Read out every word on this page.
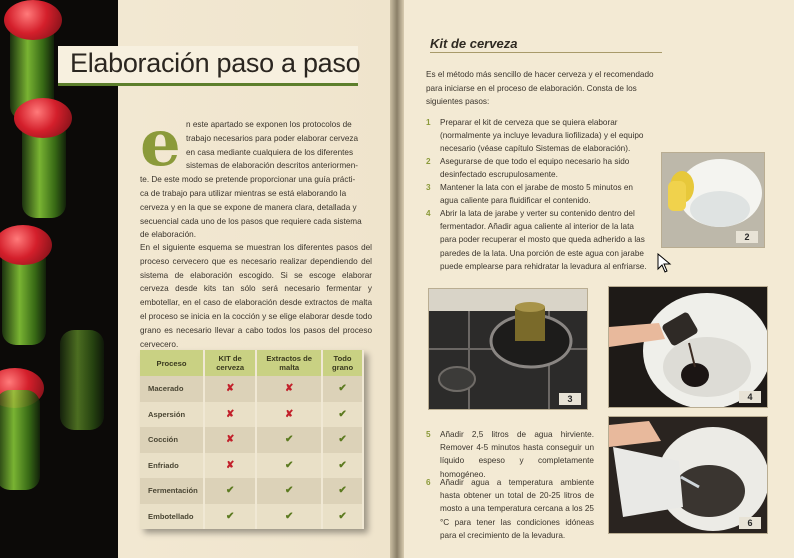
Elaboración paso a paso
e n este apartado se exponen los protocolos de
trabajo necesarios para poder elaborar cerveza
en casa mediante cualquiera de los diferentes
sistemas de elaboración descritos anteriormen-
te. De este modo se pretende proporcionar una guía prácti-
ca de trabajo para utilizar mientras se está elaborando la
cerveza y en la que se expone de manera clara, detallada y
secuencial cada uno de los pasos que requiere cada sistema
de elaboración.
En el siguiente esquema se muestran los diferentes pasos del proceso cervecero que es necesario realizar dependiendo del sistema de elaboración escogido. Si se escoge elaborar cerveza desde kits tan sólo será necesario fermentar y embotellar, en el caso de elaboración desde extractos de malta el proceso se inicia en la cocción y se elige elaborar desde todo grano es necesario llevar a cabo todos los pasos del proceso cervecero.
Proceso	KIT de cerveza	Extractos de malta	Todo grano
Macerado	✘	✘	✔
Aspersión	✘	✘	✔
Cocción	✘	✔	✔
Enfriado	✘	✔	✔
Fermentación	✔	✔	✔
Embotellado	✔	✔	✔
Kit de cerveza
Es el método más sencillo de hacer cerveza y el recomendado para iniciarse en el proceso de elaboración. Consta de los siguientes pasos:
1	Preparar el kit de cerveza que se quiera elaborar (normalmente ya incluye levadura liofilizada) y el equipo necesario (véase capítulo Sistemas de elaboración).
2	Asegurarse de que todo el equipo necesario ha sido desinfectado escrupulosamente.
3	Mantener la lata con el jarabe de mosto 5 minutos en agua caliente para fluidificar el contenido.
4	Abrir la lata de jarabe y verter su contenido dentro del fermentador. Añadir agua caliente al interior de la lata para poder recuperar el mosto que queda adherido a las paredes de la lata. Una porción de este agua con jarabe puede emplearse para rehidratar la levadura al enfriarse.
5	Añadir 2,5 litros de agua hirviente. Remover 4-5 minutos hasta conseguir un líquido espeso y completamente homogéneo.
6	Añadir agua a temperatura ambiente hasta obtener un total de 20-25 litros de mosto a una temperatura cercana a los 25 °C para tener las condiciones idóneas para el crecimiento de la levadura.
2
3	4
6
